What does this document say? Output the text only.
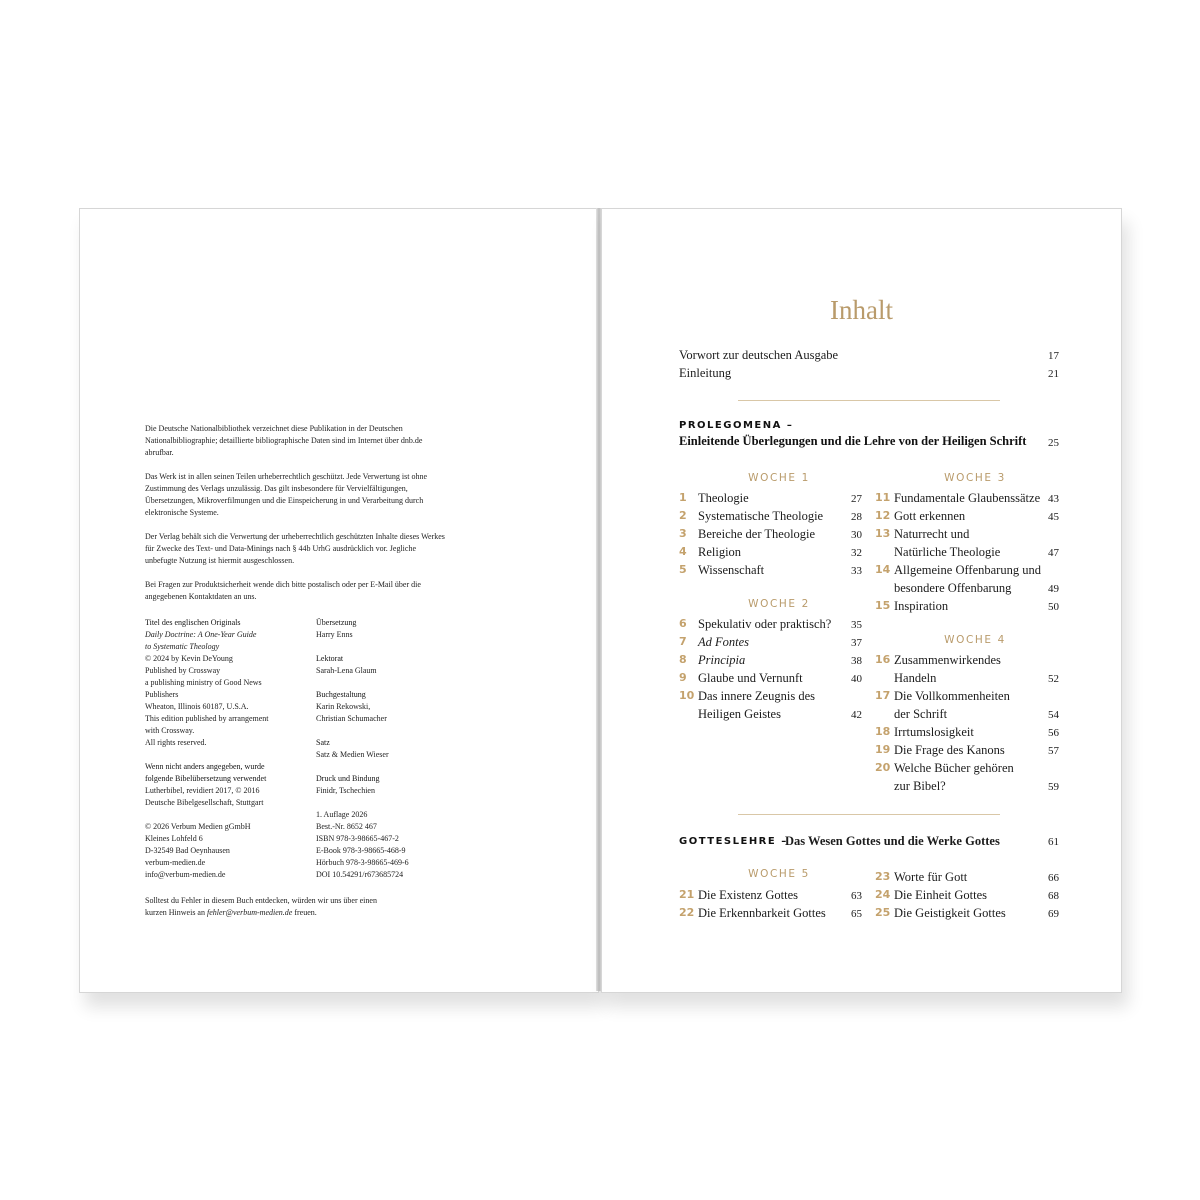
Die Deutsche Nationalbibliothek verzeichnet diese Publikation in der Deutschen Nationalbibliographie; detaillierte bibliographische Daten sind im Internet über dnb.de abrufbar.

Das Werk ist in allen seinen Teilen urheberrechtlich geschützt. Jede Verwertung ist ohne Zustimmung des Verlags unzulässig. Das gilt insbesondere für Vervielfältigungen, Übersetzungen, Mikroverfilmungen und die Einspeicherung in und Verarbeitung durch elektronische Systeme.

Der Verlag behält sich die Verwertung der urheberrechtlich geschützten Inhalte dieses Werkes für Zwecke des Text- und Data-Minings nach § 44b UrhG ausdrücklich vor. Jegliche unbefugte Nutzung ist hiermit ausgeschlossen.

Bei Fragen zur Produktsicherheit wende dich bitte postalisch oder per E-Mail über die angegebenen Kontaktdaten an uns.

Titel des englischen Originals
Daily Doctrine: A One-Year Guide
to Systematic Theology
© 2024 by Kevin DeYoung
Published by Crossway
a publishing ministry of Good News
Publishers
Wheaton, Illinois 60187, U.S.A.
This edition published by arrangement
with Crossway.
All rights reserved.
Wenn nicht anders angegeben, wurde
folgende Bibelübersetzung verwendet
Lutherbibel, revidiert 2017, © 2016
Deutsche Bibelgesellschaft, Stuttgart
© 2026 Verbum Medien gGmbH
Kleines Lohfeld 6
D-32549 Bad Oeynhausen
verbum-medien.de
info@verbum-medien.de
Übersetzung
Harry Enns
Lektorat
Sarah-Lena Glaum
Buchgestaltung
Karin Rekowski,
Christian Schumacher
Satz
Satz & Medien Wieser
Druck und Bindung
Finidr, Tschechien
1. Auflage 2026
Best.-Nr. 8652 467
ISBN 978-3-98665-467-2
E-Book 978-3-98665-468-9
Hörbuch 978-3-98665-469-6
DOI 10.54291/r673685724
Solltest du Fehler in diesem Buch entdecken, würden wir uns über einen
kurzen Hinweis an fehler@verbum-medien.de freuen.
Inhalt
Vorwort zur deutschen Ausgabe	17
Einleitung	21
PROLEGOMENA –
Einleitende Überlegungen und die Lehre von der Heiligen Schrift	25
WOCHE 1	WOCHE 3
1 Theologie	27
2 Systematische Theologie	28
3 Bereiche der Theologie	30
4 Religion	32
5 Wissenschaft	33
WOCHE 2
6 Spekulativ oder praktisch?	35
7 Ad Fontes	37
8 Principia	38
9 Glaube und Vernunft	40
10 Das innere Zeugnis des
Heiligen Geistes	42
11 Fundamentale Glaubenssätze 43
12 Gott erkennen	45
13 Naturrecht und
Natürliche Theologie	47
14 Allgemeine Offenbarung und
besondere Offenbarung	49
15 Inspiration	50
WOCHE 4
16 Zusammenwirkendes
Handeln	52
17 Die Vollkommenheiten
der Schrift	54
18 Irrtumslosigkeit	56
19 Die Frage des Kanons	57
20 Welche Bücher gehören
zur Bibel?	59
GOTTESLEHRE –
Das Wesen Gottes und die Werke Gottes	61
WOCHE 5
21 Die Existenz Gottes	63
22 Die Erkennbarkeit Gottes	65
23 Worte für Gott	66
24 Die Einheit Gottes	68
25 Die Geistigkeit Gottes	69
